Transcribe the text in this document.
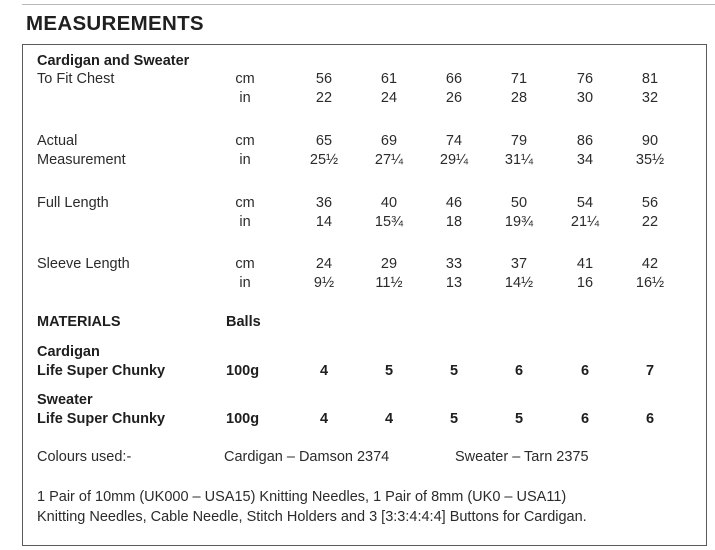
MEASUREMENTS
Cardigan and Sweater
To Fit Chest	cm	56	61	66	71	76	81
in	22	24	26	28	30	32
Actual
Measurement
cm	65	69	74	79	86	90
in	25½	27¼	29¼	31¼	34	35½
Full Length	cm	36	40	46	50	54	56
in	14	15¾	18	19¾	21¼	22
Sleeve Length	cm	24	29	33	37	41	42
in	9½	11½	13	14½	16	16½
MATERIALS	Balls
Cardigan
Life Super Chunky	100g	4	5	5	6	6	7
Sweater
Life Super Chunky	100g	4	4	5	5	6	6
Colours used:-	Cardigan – Damson 2374	Sweater – Tarn 2375
1 Pair of 10mm (UK000 – USA15) Knitting Needles, 1 Pair of 8mm (UK0 – USA11)
Knitting Needles, Cable Needle, Stitch Holders and 3 [3:3:4:4:4] Buttons for Cardigan.
